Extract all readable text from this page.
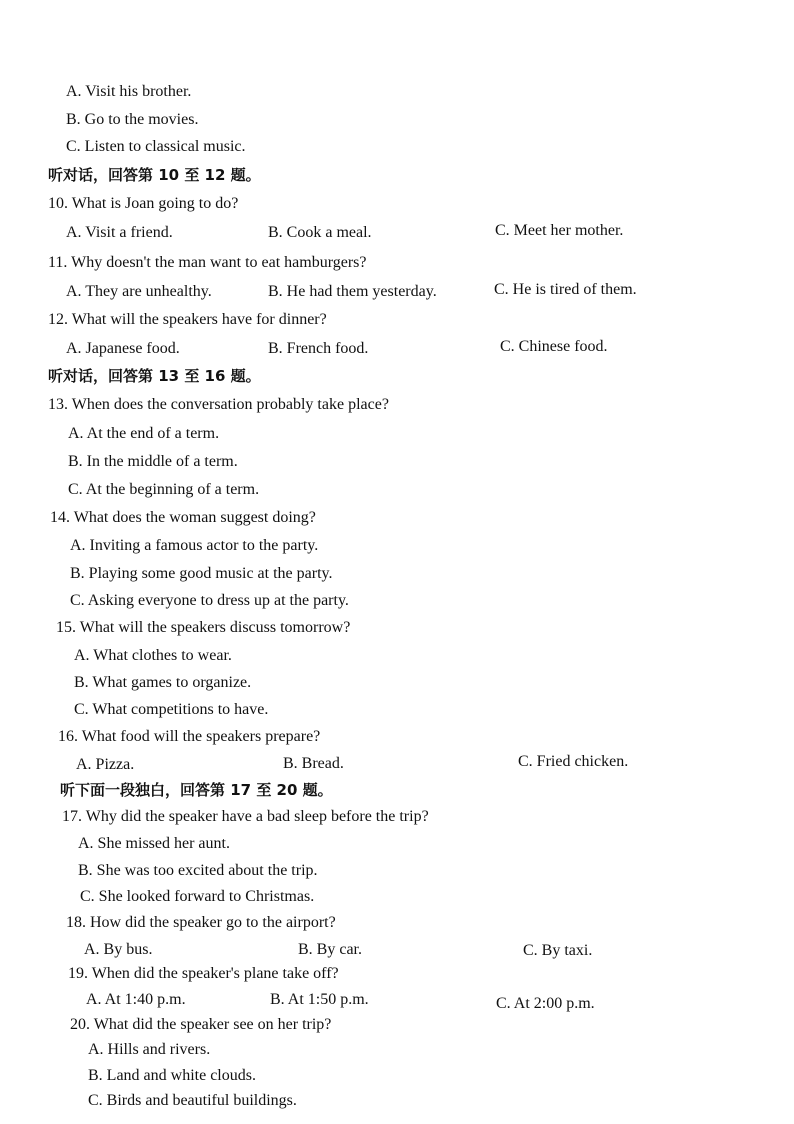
A. Visit his brother.
B. Go to the movies.
C. Listen to classical music.
听对话，回答第 10 至 12 题。
10. What is Joan going to do?
A. Visit a friend.	B. Cook a meal.	C. Meet her mother.
11. Why doesn't the man want to eat hamburgers?
A. They are unhealthy.	B. He had them yesterday.	C. He is tired of them.
12. What will the speakers have for dinner?
A. Japanese food.	B. French food.	C. Chinese food.
听对话，回答第 13 至 16 题。
13. When does the conversation probably take place?
A. At the end of a term.
B. In the middle of a term.
C. At the beginning of a term.
14. What does the woman suggest doing?
A. Inviting a famous actor to the party.
B. Playing some good music at the party.
C. Asking everyone to dress up at the party.
15. What will the speakers discuss tomorrow?
A. What clothes to wear.
B. What games to organize.
C. What competitions to have.
16. What food will the speakers prepare?
A. Pizza.	B. Bread.	C. Fried chicken.
听下面一段独白，回答第 17 至 20 题。
17. Why did the speaker have a bad sleep before the trip?
A. She missed her aunt.
B. She was too excited about the trip.
C. She looked forward to Christmas.
18. How did the speaker go to the airport?
A. By bus.	B. By car.	C. By taxi.
19. When did the speaker's plane take off?
A. At 1:40 p.m.	B. At 1:50 p.m.	C. At 2:00 p.m.
20. What did the speaker see on her trip?
A. Hills and rivers.
B. Land and white clouds.
C. Birds and beautiful buildings.
